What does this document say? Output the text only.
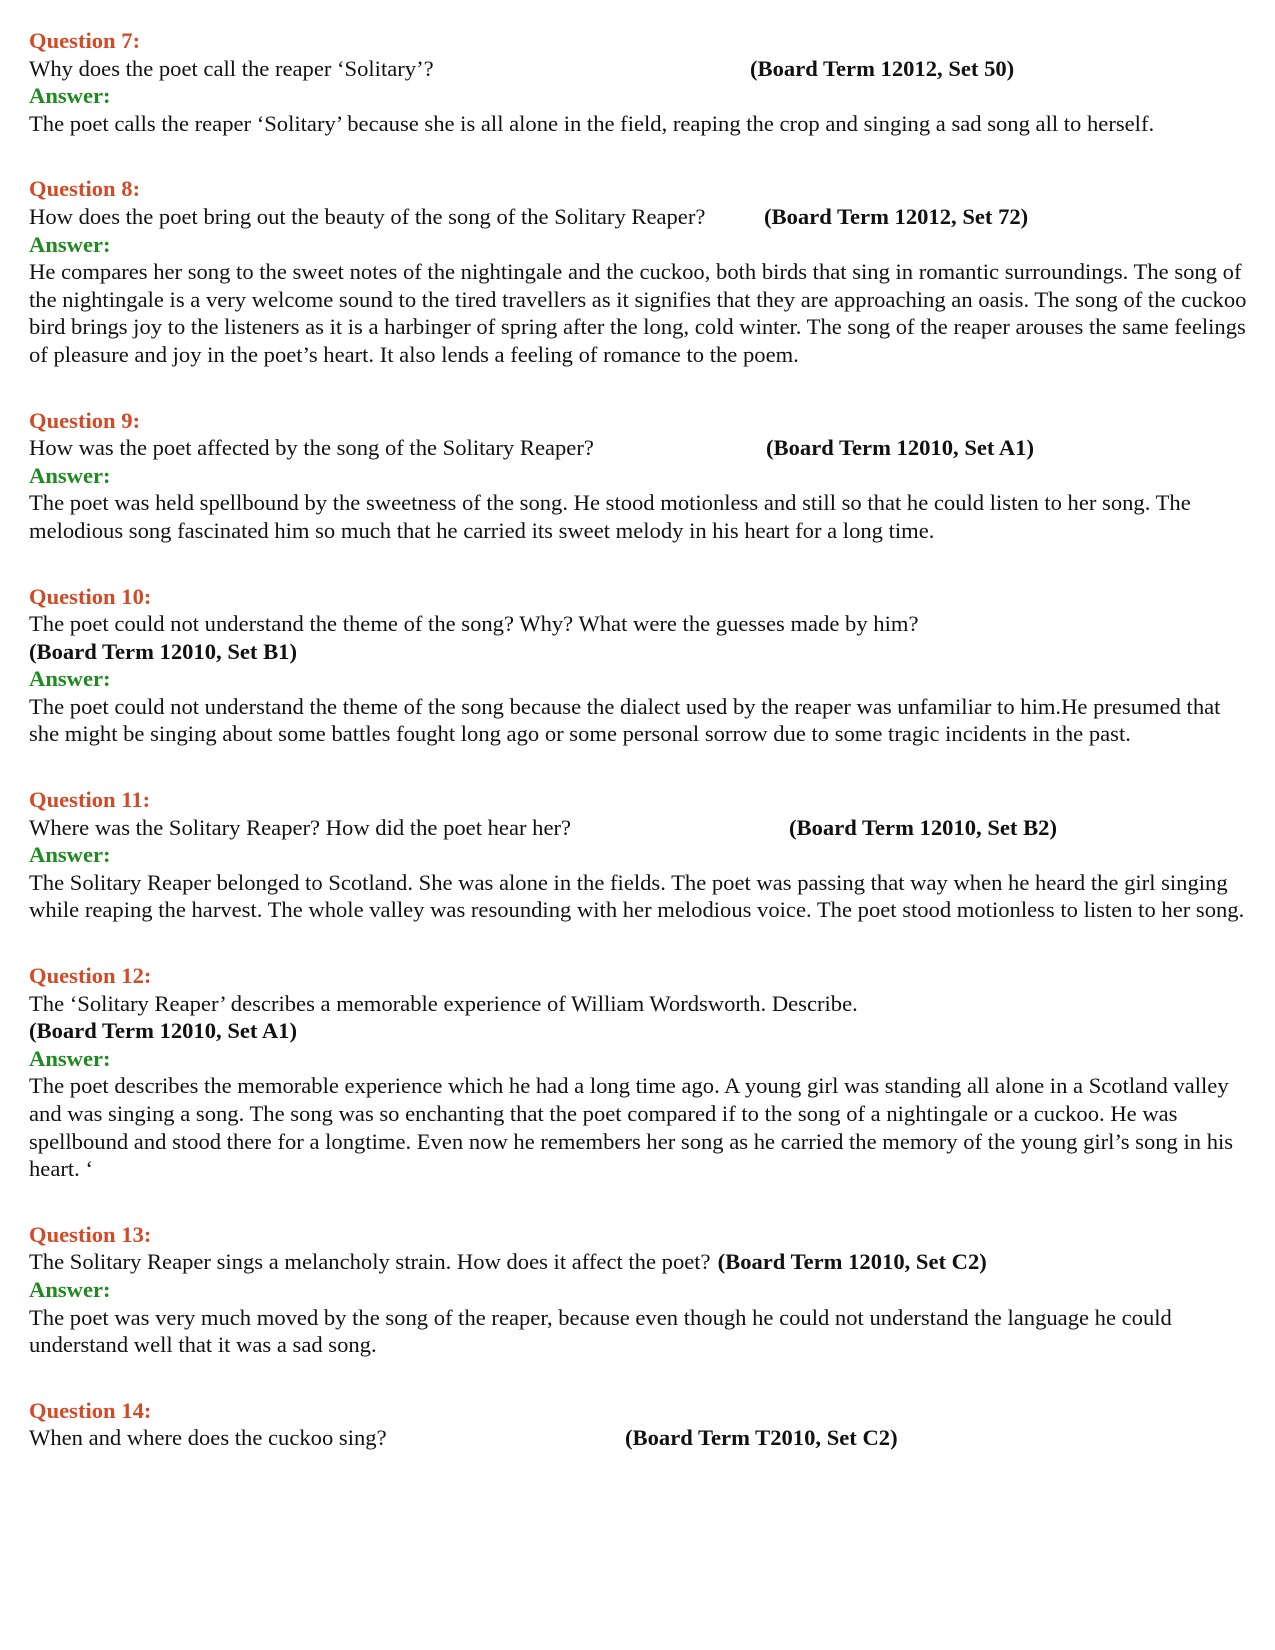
Question 7:
Why does the poet call the reaper ‘Solitary’?	(Board Term 12012, Set 50)
Answer:

The poet calls the reaper ‘Solitary’ because she is all alone in the field, reaping the crop and singing a sad song all to herself.

Question 8:
How does the poet bring out the beauty of the song of the Solitary Reaper?	(Board Term 12012, Set 72)
Answer:

He compares her song to the sweet notes of the nightingale and the cuckoo, both birds that sing in romantic surroundings. The song of the nightingale is a very welcome sound to the tired travellers as it signifies that they are approaching an oasis. The song of the cuckoo bird brings joy to the listeners as it is a harbinger of spring after the long, cold winter. The song of the reaper arouses the same feelings of pleasure and joy in the poet’s heart. It also lends a feeling of romance to the poem.

Question 9:
How was the poet affected by the song of the Solitary Reaper?	(Board Term 12010, Set A1)
Answer:

The poet was held spellbound by the sweetness of the song. He stood motionless and still so that he could listen to her song. The melodious song fascinated him so much that he carried its sweet melody in his heart for a long time.

Question 10:
The poet could not understand the theme of the song? Why? What were the guesses made by him?
(Board Term 12010, Set B1)
Answer:

The poet could not understand the theme of the song because the dialect used by the reaper was unfamiliar to him.He presumed that she might be singing about some battles fought long ago or some personal sorrow due to some tragic incidents in the past.

Question 11:
Where was the Solitary Reaper? How did the poet hear her?	(Board Term 12010, Set B2)
Answer:

The Solitary Reaper belonged to Scotland. She was alone in the fields. The poet was passing that way when he heard the girl singing while reaping the harvest. The whole valley was resounding with her melodious voice. The poet stood motionless to listen to her song.

Question 12:
The ‘Solitary Reaper’ describes a memorable experience of William Wordsworth. Describe.
(Board Term 12010, Set A1)
Answer:

The poet describes the memorable experience which he had a long time ago. A young girl was standing all alone in a Scotland valley and was singing a song. The song was so enchanting that the poet compared if to the song of a nightingale or a cuckoo. He was spellbound and stood there for a longtime. Even now he remembers her song as he carried the memory of the young girl’s song in his heart. ‘

Question 13:
The Solitary Reaper sings a melancholy strain. How does it affect the poet? (Board Term 12010, Set C2)
Answer:

The poet was very much moved by the song of the reaper, because even though he could not understand the language he could understand well that it was a sad song.

Question 14:
When and where does the cuckoo sing?	(Board Term T2010, Set C2)
